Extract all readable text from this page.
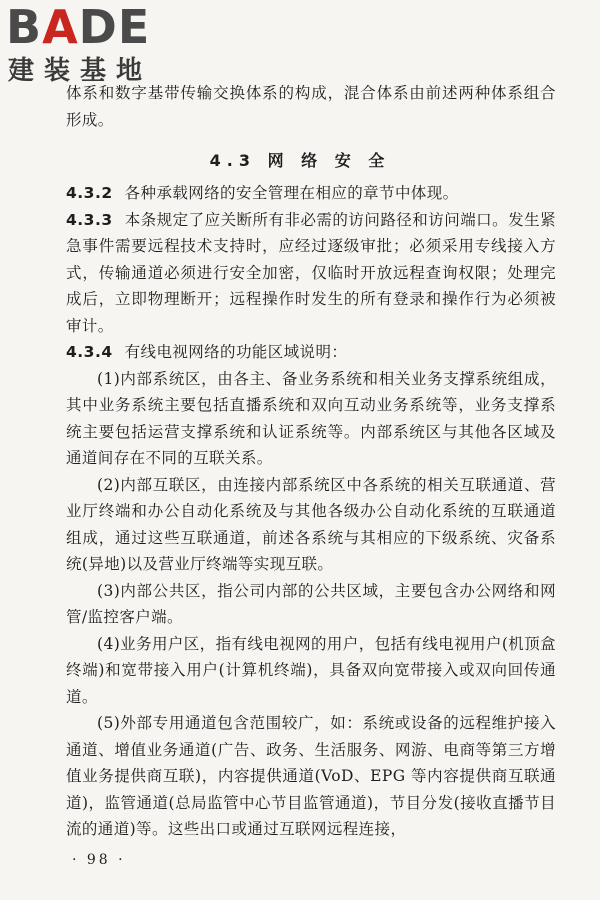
B A D E
建装基地
体系和数字基带传输交换体系的构成，混合体系由前述两种体系组合形成。
4.3 网 络 安 全

4.3.2 各种承载网络的安全管理在相应的章节中体现。

4.3.3 本条规定了应关断所有非必需的访问路径和访问端口。发生紧急事件需要远程技术支持时，应经过逐级审批；必须采用专线接入方式，传输通道必须进行安全加密，仅临时开放远程查询权限；处理完成后，立即物理断开；远程操作时发生的所有登录和操作行为必须被审计。

4.3.4 有线电视网络的功能区域说明：

(1)内部系统区，由各主、备业务系统和相关业务支撑系统组成，其中业务系统主要包括直播系统和双向互动业务系统等，业务支撑系统主要包括运营支撑系统和认证系统等。内部系统区与其他各区域及通道间存在不同的互联关系。

(2)内部互联区，由连接内部系统区中各系统的相关互联通道、营业厅终端和办公自动化系统及与其他各级办公自动化系统的互联通道组成，通过这些互联通道，前述各系统与其相应的下级系统、灾备系统(异地)以及营业厅终端等实现互联。

(3)内部公共区，指公司内部的公共区域，主要包含办公网络和网管/监控客户端。

(4)业务用户区，指有线电视网的用户，包括有线电视用户(机顶盒终端)和宽带接入用户(计算机终端)，具备双向宽带接入或双向回传通道。

(5)外部专用通道包含范围较广，如：系统或设备的远程维护接入通道、增值业务通道(广告、政务、生活服务、网游、电商等第三方增值业务提供商互联)，内容提供通道(VoD、EPG 等内容提供商互联通道)，监管通道(总局监管中心节目监管通道)，节目分发(接收直播节目流的通道)等。这些出口或通过互联网远程连接，

· 98 ·
